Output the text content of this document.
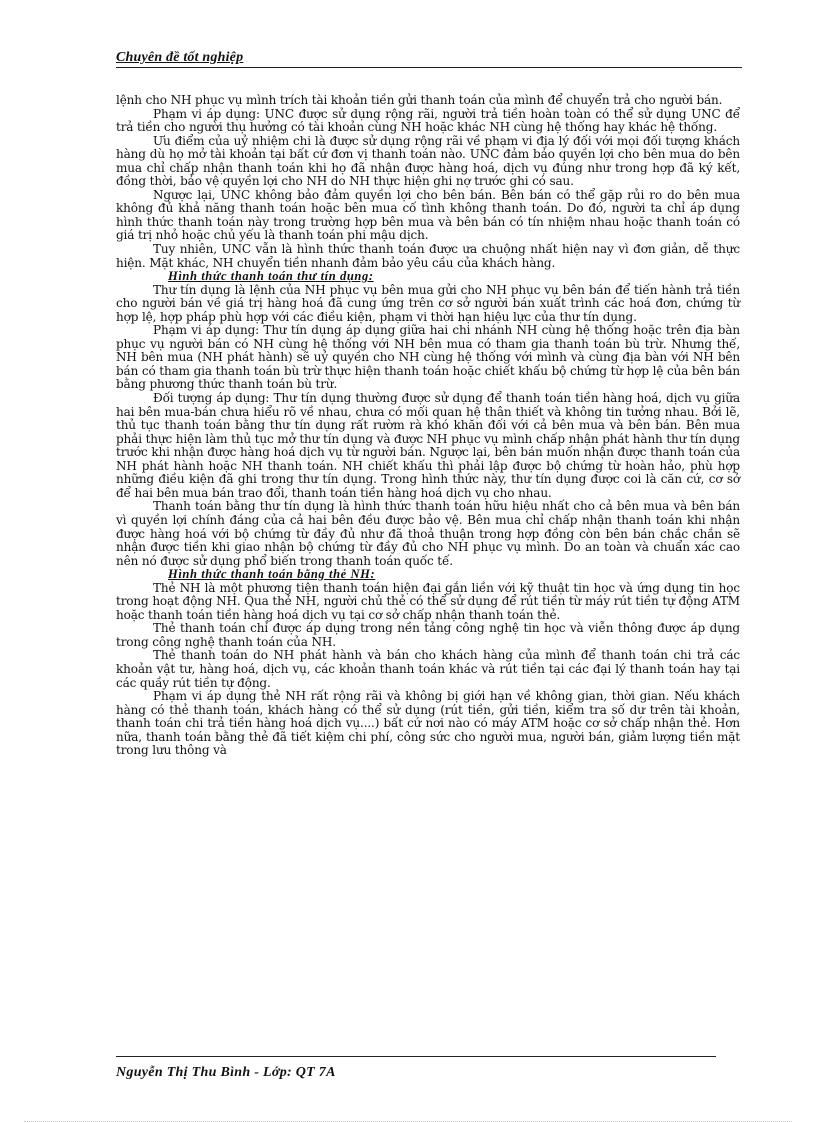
Chuyên đề tốt nghiệp

lệnh cho NH phục vụ mình trích tài khoản tiền gửi thanh toán của mình để chuyển trả cho người bán.

Phạm vi áp dụng: UNC được sử dụng rộng rãi, người trả tiền hoàn toàn có thể sử dụng UNC để trả tiền cho người thụ hưởng có tài khoản cùng NH hoặc khác NH cùng hệ thống hay khác hệ thống.

Ưu điểm của uỷ nhiệm chi là được sử dụng rộng rãi về phạm vi địa lý đối với mọi đối tượng khách hàng dù họ mở tài khoản tại bất cứ đơn vị thanh toán nào. UNC đảm bảo quyền lợi cho bên mua do bên mua chỉ chấp nhận thanh toán khi họ đã nhận được hàng hoá, dịch vụ đúng như trong hợp đã ký kết, đồng thời, bảo vệ quyền lợi cho NH do NH thực hiện ghi nợ trước ghi có sau.

Ngược lại, UNC không bảo đảm quyền lợi cho bên bán. Bên bán có thể gặp rủi ro do bên mua không đủ khả năng thanh toán hoặc bên mua cố tình không thanh toán. Do đó, người ta chỉ áp dụng hình thức thanh toán này trong trường hợp bên mua và bên bán có tín nhiệm nhau hoặc thanh toán có giá trị nhỏ hoặc chủ yếu là thanh toán phi mậu dịch.

Tuy nhiên, UNC vẫn là hình thức thanh toán được ưa chuộng nhất hiện nay vì đơn giản, dễ thực hiện. Mặt khác, NH chuyển tiền nhanh đảm bảo yêu cầu của khách hàng.

Hình thức thanh toán thư tín dụng:

Thư tín dụng là lệnh của NH phục vụ bên mua gửi cho NH phục vụ bên bán để tiến hành trả tiền cho người bán về giá trị hàng hoá đã cung ứng trên cơ sở người bán xuất trình các hoá đơn, chứng từ hợp lệ, hợp pháp phù hợp với các điều kiện, phạm vi thời hạn hiệu lực của thư tín dụng.

Phạm vi áp dụng: Thư tín dụng áp dụng giữa hai chi nhánh NH cùng hệ thống hoặc trên địa bàn phục vụ người bán có NH cùng hệ thống với NH bên mua có tham gia thanh toán bù trừ. Nhưng thế, NH bên mua (NH phát hành) sẽ uỷ quyền cho NH cùng hệ thống với mình và cùng địa bàn với NH bên bán có tham gia thanh toán bù trừ thực hiện thanh toán hoặc chiết khấu bộ chứng từ hợp lệ của bên bán bằng phương thức thanh toán bù trừ.

Đối tượng áp dụng: Thư tín dụng thường được sử dụng để thanh toán tiền hàng hoá, dịch vụ giữa hai bên mua-bán chưa hiểu rõ về nhau, chưa có mối quan hệ thân thiết và không tin tưởng nhau. Bởi lẽ, thủ tục thanh toán bằng thư tín dụng rất rườm rà khó khăn đối với cả bên mua và bên bán. Bên mua phải thực hiện làm thủ tục mở thư tín dụng và được NH phục vụ mình chấp nhận phát hành thư tín dụng trước khi nhận được hàng hoá dịch vụ từ người bán. Ngược lại, bên bán muốn nhận được thanh toán của NH phát hành hoặc NH thanh toán. NH chiết khấu thì phải lập được bộ chứng từ hoàn hảo, phù hợp những điều kiện đã ghi trong thư tín dụng. Trong hình thức này, thư tín dụng được coi là căn cứ, cơ sở để hai bên mua bán trao đổi, thanh toán tiền hàng hoá dịch vụ cho nhau.

Thanh toán bằng thư tín dụng là hình thức thanh toán hữu hiệu nhất cho cả bên mua và bên bán vì quyền lợi chính đáng của cả hai bên đều được bảo vệ. Bên mua chỉ chấp nhận thanh toán khi nhận được hàng hoá với bộ chứng từ đầy đủ như đã thoả thuận trong hợp đồng còn bên bán chắc chắn sẽ nhận được tiền khi giao nhận bộ chứng từ đầy đủ cho NH phục vụ mình. Do an toàn và chuẩn xác cao nên nó được sử dụng phổ biến trong thanh toán quốc tế.

Hình thức thanh toán bằng thẻ NH:

Thẻ NH là một phương tiện thanh toán hiện đại gắn liền với kỹ thuật tin học và ứng dụng tin học trong hoạt động NH. Qua thẻ NH, người chủ thẻ có thể sử dụng để rút tiền từ máy rút tiền tự động ATM hoặc thanh toán tiền hàng hoá dịch vụ tại cơ sở chấp nhận thanh toán thẻ.

Thẻ thanh toán chỉ được áp dụng trong nền tảng công nghệ tin học và viễn thông được áp dụng trong công nghệ thanh toán của NH.

Thẻ thanh toán do NH phát hành và bán cho khách hàng của mình để thanh toán chi trả các khoản vật tư, hàng hoá, dịch vụ, các khoản thanh toán khác và rút tiền tại các đại lý thanh toán hay tại các quầy rút tiền tự động.

Phạm vi áp dụng thẻ NH rất rộng rãi và không bị giới hạn về không gian, thời gian. Nếu khách hàng có thẻ thanh toán, khách hàng có thể sử dụng (rút tiền, gửi tiền, kiểm tra số dư trên tài khoản, thanh toán chi trả tiền hàng hoá dịch vụ....) bất cứ nơi nào có máy ATM hoặc cơ sở chấp nhận thẻ. Hơn nữa, thanh toán bằng thẻ đã tiết kiệm chi phí, công sức cho người mua, người bán, giảm lượng tiền mặt trong lưu thông và

Nguyễn Thị Thu Bình - Lớp: QT 7A
